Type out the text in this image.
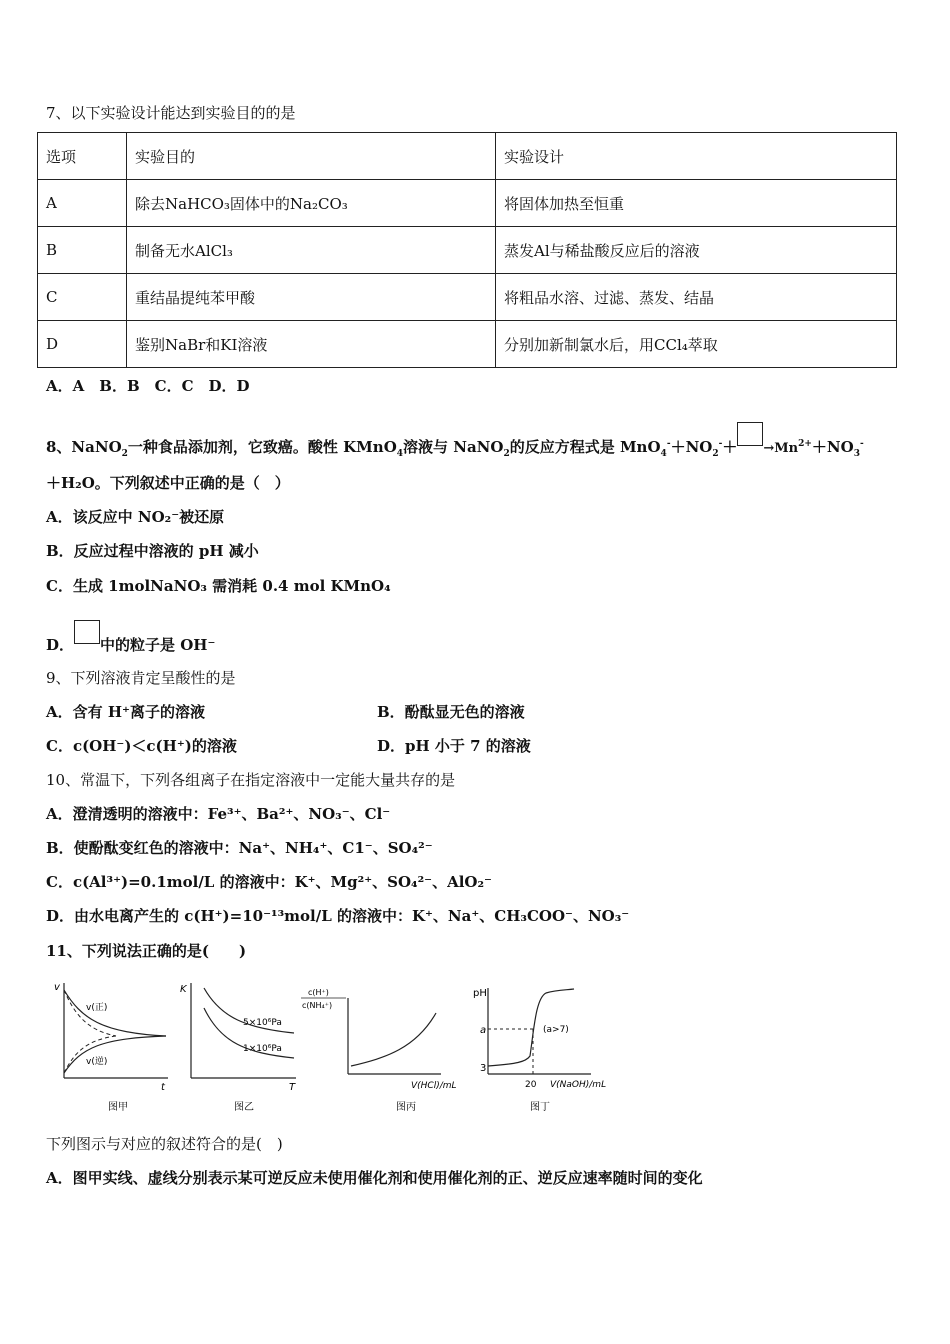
7、以下实验设计能达到实验目的的是
选项	实验目的	实验设计
A	除去NaHCO₃固体中的Na₂CO₃	将固体加热至恒重
B	制备无水AlCl₃	蒸发Al与稀盐酸反应后的溶液
C	重结晶提纯苯甲酸	将粗品水溶、过滤、蒸发、结晶
D	鉴别NaBr和KI溶液	分别加新制氯水后，用CCl₄萃取
A．A　B．B　C．C　D．D
8、NaNO$_2$一种食品添加剂，它致癌。酸性 KMnO$_4$溶液与 NaNO$_2$的反应方程式是 $MnO_4^-+NO_2^-+ \to Mn^{2+}+NO_3^-$
＋H₂O。下列叙述中正确的是（　）
A．该反应中 NO₂⁻被还原
B．反应过程中溶液的 pH 减小
C．生成 1molNaNO₃ 需消耗 0.4 mol KMnO₄
D． 中的粒子是 OH⁻
9、下列溶液肯定呈酸性的是
A．含有 H⁺离子的溶液	B．酚酞显无色的溶液
C．c(OH⁻)＜c(H⁺)的溶液	D．pH 小于 7 的溶液
10、常温下，下列各组离子在指定溶液中一定能大量共存的是
A．澄清透明的溶液中：Fe³⁺、Ba²⁺、NO₃⁻、Cl⁻
B．使酚酞变红色的溶液中：Na⁺、NH₄⁺、C1⁻、SO₄²⁻
C．c(Al³⁺)=0.1mol/L 的溶液中：K⁺、Mg²⁺、SO₄²⁻、AlO₂⁻
D．由水电离产生的 c(H⁺)=10⁻¹³mol/L 的溶液中：K⁺、Na⁺、CH₃COO⁻、NO₃⁻
11、下列说法正确的是(　　)
v
t
v(正)
v(逆)
图甲
K
T
5×10⁶Pa
1×10⁶Pa
图乙
c(H⁺)
c(NH₄⁺)
V(HCl)/mL
图丙
pH
a
3
(a>7)
20 V(NaOH)/mL
图丁
下列图示与对应的叙述符合的是(　)
A．图甲实线、虚线分别表示某可逆反应未使用催化剂和使用催化剂的正、逆反应速率随时间的变化
